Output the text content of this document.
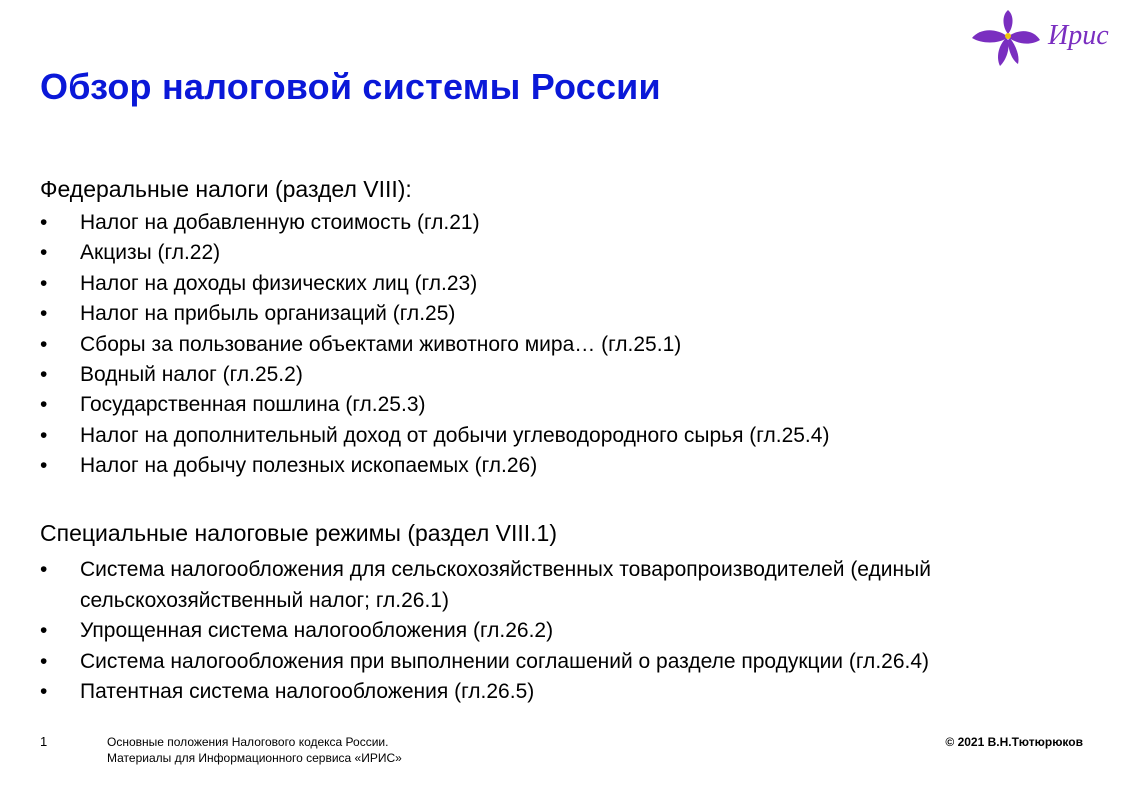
Обзор налоговой системы России
Ирис
Федеральные налоги (раздел VIII):
• Налог на добавленную стоимость (гл.21)
• Акцизы (гл.22)
• Налог на доходы физических лиц (гл.23)
• Налог на прибыль организаций (гл.25)
• Сборы за пользование объектами животного мира… (гл.25.1)
• Водный налог (гл.25.2)
• Государственная пошлина (гл.25.3)
• Налог на дополнительный доход от добычи углеводородного сырья (гл.25.4)
• Налог на добычу полезных ископаемых (гл.26)
Специальные налоговые режимы (раздел VIII.1)
• Система налогообложения для сельскохозяйственных товаропроизводителей (единый сельскохозяйственный налог; гл.26.1)
• Упрощенная система налогообложения (гл.26.2)
• Система налогообложения при выполнении соглашений о разделе продукции (гл.26.4)
• Патентная система налогообложения (гл.26.5)
1	Основные положения Налогового кодекса России.
Материалы для Информационного сервиса «ИРИС»
© 2021 В.Н.Тютюрюков
